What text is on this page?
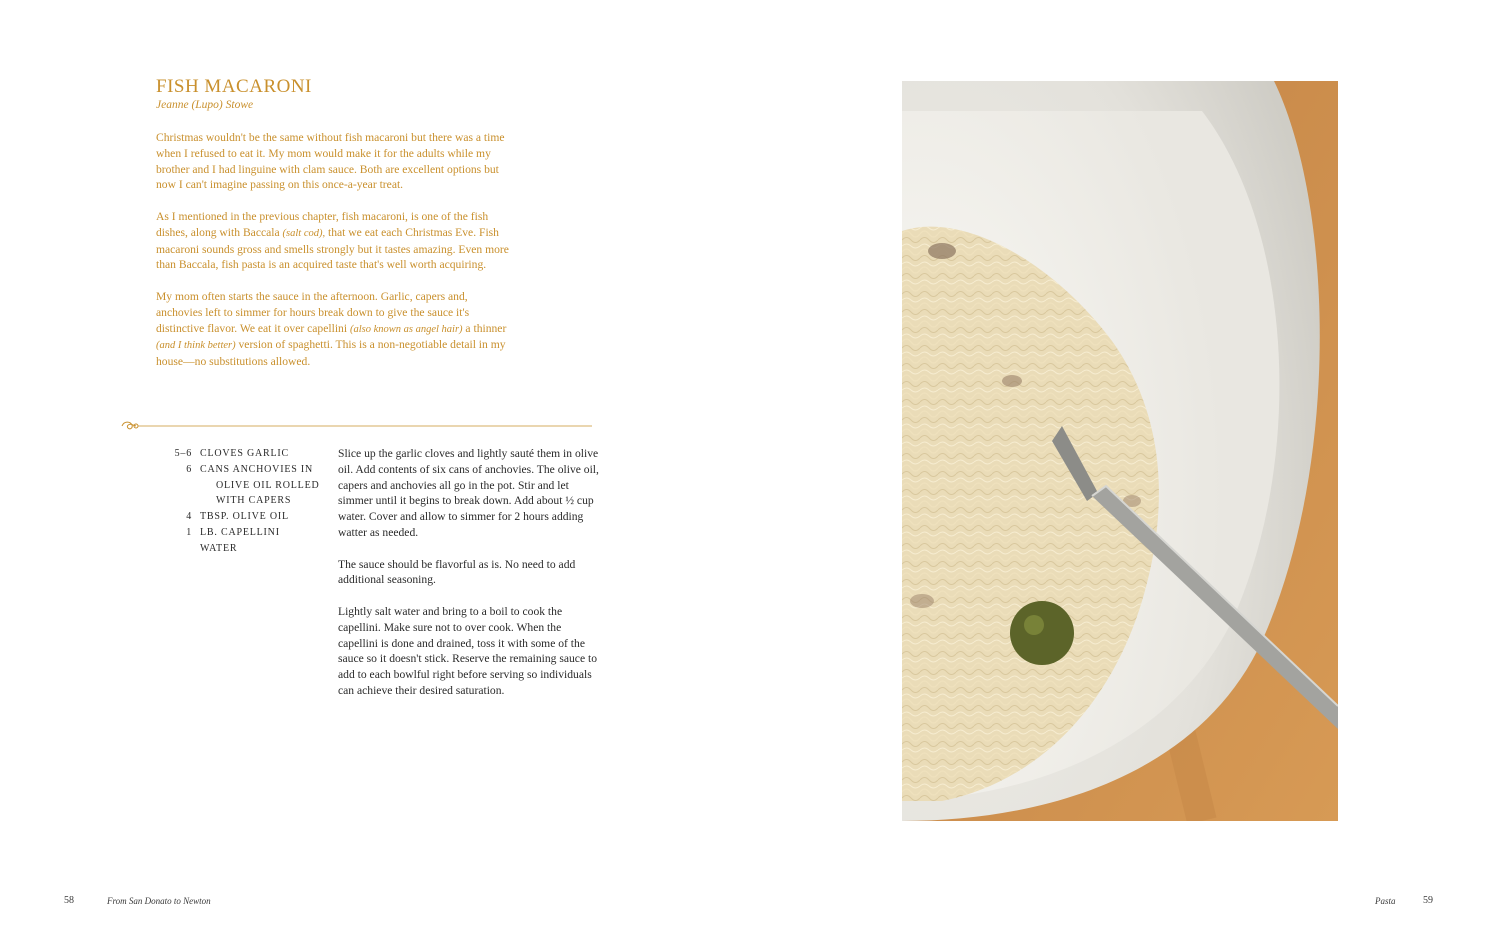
FISH MACARONI
Jeanne (Lupo) Stowe

Christmas wouldn't be the same without fish macaroni but there was a time when I refused to eat it. My mom would make it for the adults while my brother and I had linguine with clam sauce. Both are excellent options but now I can't imagine passing on this once-a-year treat.

As I mentioned in the previous chapter, fish macaroni, is one of the fish dishes, along with Baccala (salt cod), that we eat each Christmas Eve. Fish macaroni sounds gross and smells strongly but it tastes amazing. Even more than Baccala, fish pasta is an acquired taste that's well worth acquiring.

My mom often starts the sauce in the afternoon. Garlic, capers and, anchovies left to simmer for hours break down to give the sauce it's distinctive flavor. We eat it over capellini (also known as angel hair) a thinner (and I think better) version of spaghetti. This is a non-negotiable detail in my house—no substitutions allowed.

5–6 CLOVES GARLIC
6 CANS ANCHOVIES IN
OLIVE OIL ROLLED WITH CAPERS
4 TBSP. OLIVE OIL
1 LB. CAPELLINI
WATER

Slice up the garlic cloves and lightly sauté them in olive oil. Add contents of six cans of anchovies. The olive oil, capers and anchovies all go in the pot. Stir and let simmer until it begins to break down. Add about ½ cup water. Cover and allow to simmer for 2 hours adding watter as needed.

The sauce should be flavorful as is. No need to add additional seasoning.

Lightly salt water and bring to a boil to cook the capellini. Make sure not to over cook. When the capellini is done and drained, toss it with some of the sauce so it doesn't stick. Reserve the remaining sauce to add to each bowlful right before serving so individuals can achieve their desired saturation.

58	From San Donato to Newton	Pasta	59
